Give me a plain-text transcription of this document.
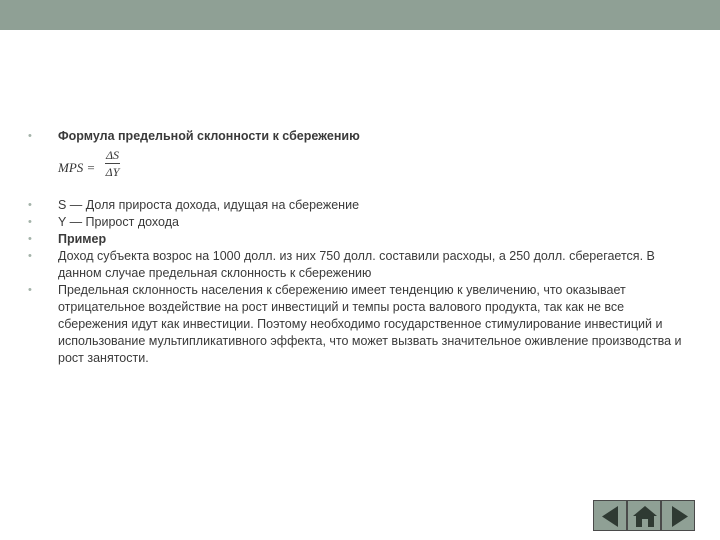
• Формула предельной склонности к сбережению
MPS = $\frac{\Delta S}{\Delta Y}$
• S — Доля прироста дохода, идущая на сбережение
• Y — Прирост дохода
• Пример
• Доход субъекта возрос на 1000 долл. из них 750 долл. составили расходы, а 250 долл. сберегается. В данном случае предельная склонность к сбережению
• Предельная склонность населения к сбережению имеет тенденцию к увеличению, что оказывает отрицательное воздействие на рост инвестиций и темпы роста валового продукта, так как не все сбережения идут как инвестиции. Поэтому необходимо государственное стимулирование инвестиций и использование мультипликативного эффекта, что может вызвать значительное оживление производства и рост занятости.
